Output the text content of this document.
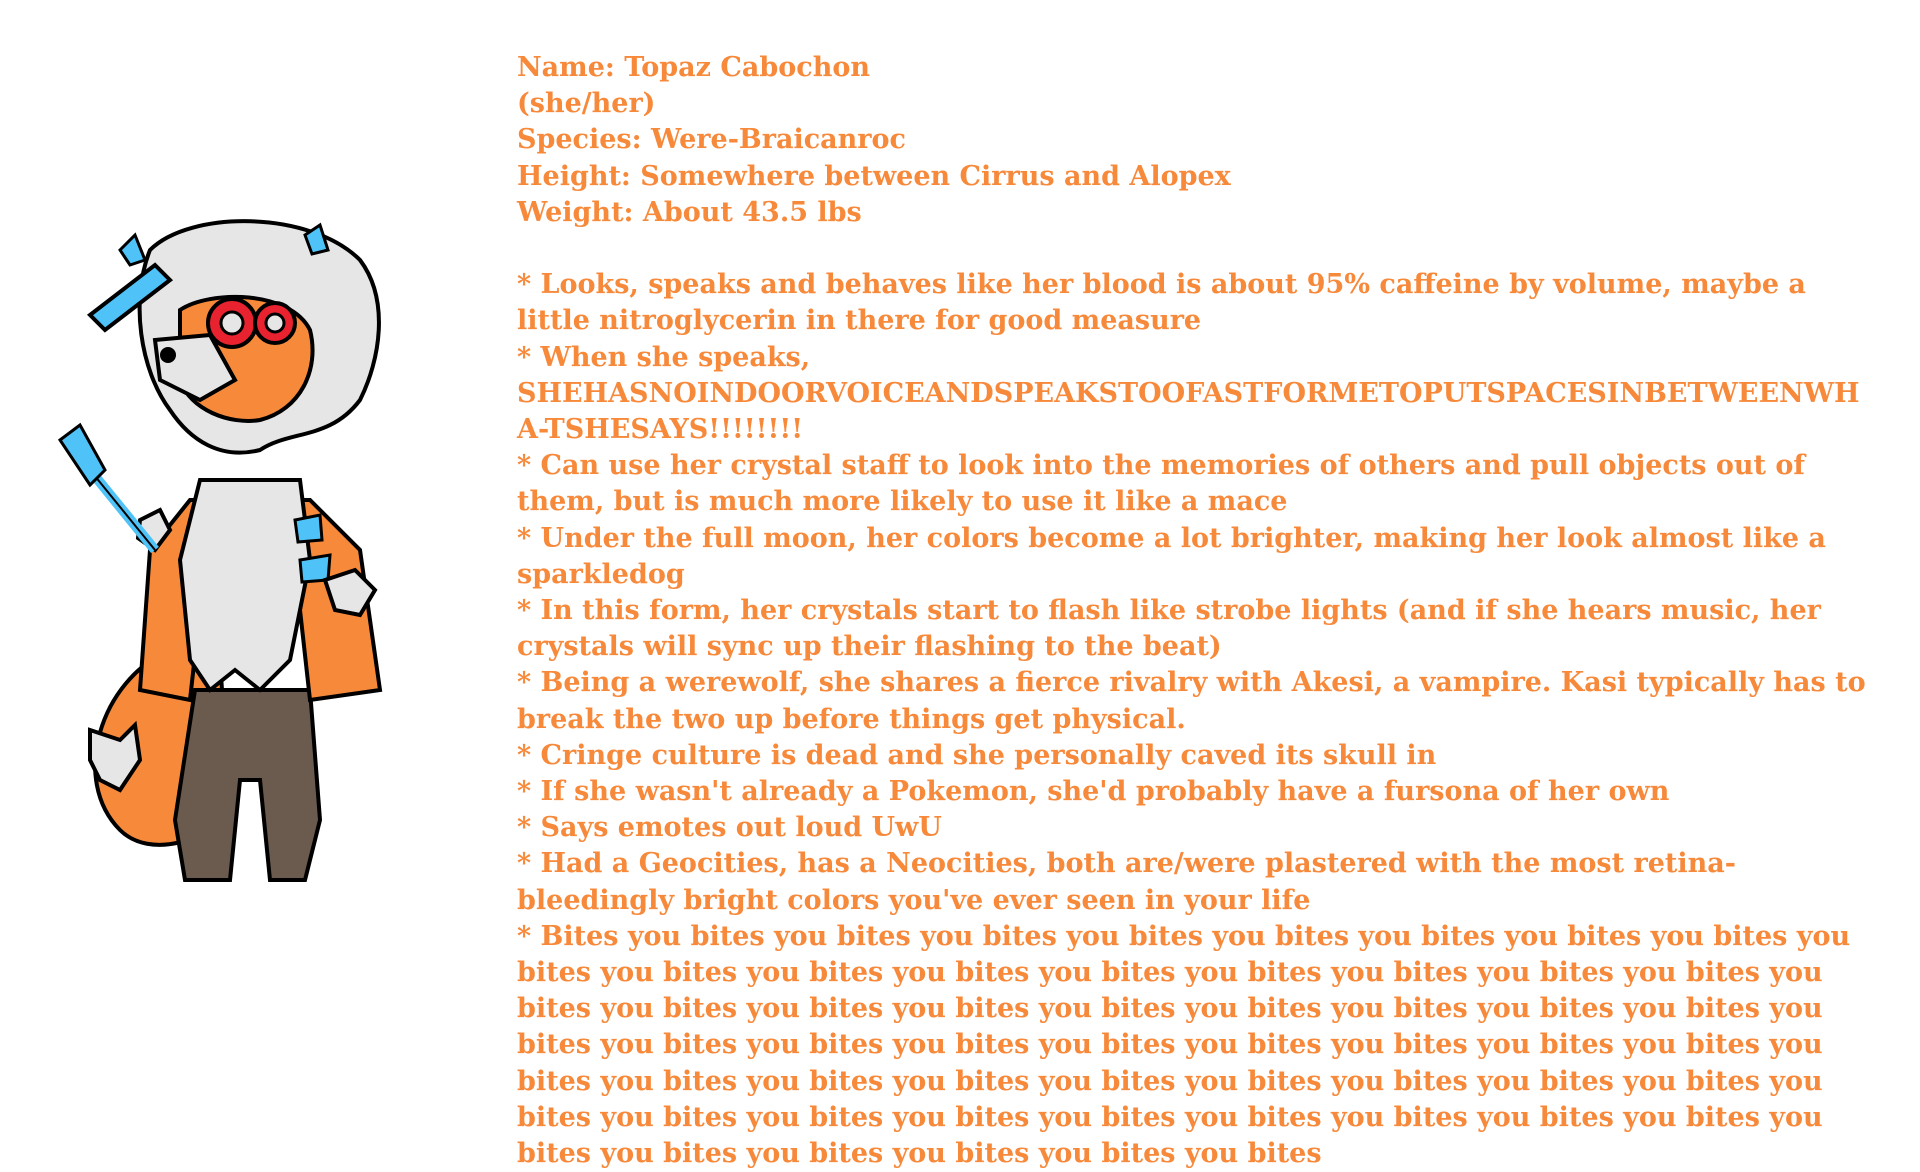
Name: Topaz Cabochon
(she/her)
Species: Were-Braicanroc
Height: Somewhere between Cirrus and Alopex
Weight: About 43.5 lbs
* Looks, speaks and behaves like her blood is about 95% caffeine by volume, maybe a little nitroglycerin in there for good measure
* When she speaks,
SHEHASNOINDOORVOICEANDSPEAKSTOOFASTFORMETOPUTSPACESINBETWEENWHA-TSHESAYS!!!!!!!!
* Can use her crystal staff to look into the memories of others and pull objects out of them, but is much more likely to use it like a mace
* Under the full moon, her colors become a lot brighter, making her look almost like a sparkledog
* In this form, her crystals start to flash like strobe lights (and if she hears music, her crystals will sync up their flashing to the beat)
* Being a werewolf, she shares a fierce rivalry with Akesi, a vampire. Kasi typically has to break the two up before things get physical.
* Cringe culture is dead and she personally caved its skull in
* If she wasn't already a Pokemon, she'd probably have a fursona of her own
* Says emotes out loud UwU
* Had a Geocities, has a Neocities, both are/were plastered with the most retina-bleedingly bright colors you've ever seen in your life
* Bites you bites you bites you bites you bites you bites you bites you bites you bites you bites you bites you bites you bites you bites you bites you bites you bites you bites you bites you bites you bites you bites you bites you bites you bites you bites you bites you bites you bites you bites you bites you bites you bites you bites you bites you bites you bites you bites you bites you bites you bites you bites you bites you bites you bites you bites you bites you bites you bites you bites you bites you bites you bites you bites you bites you bites you bites you bites you bites you bites
